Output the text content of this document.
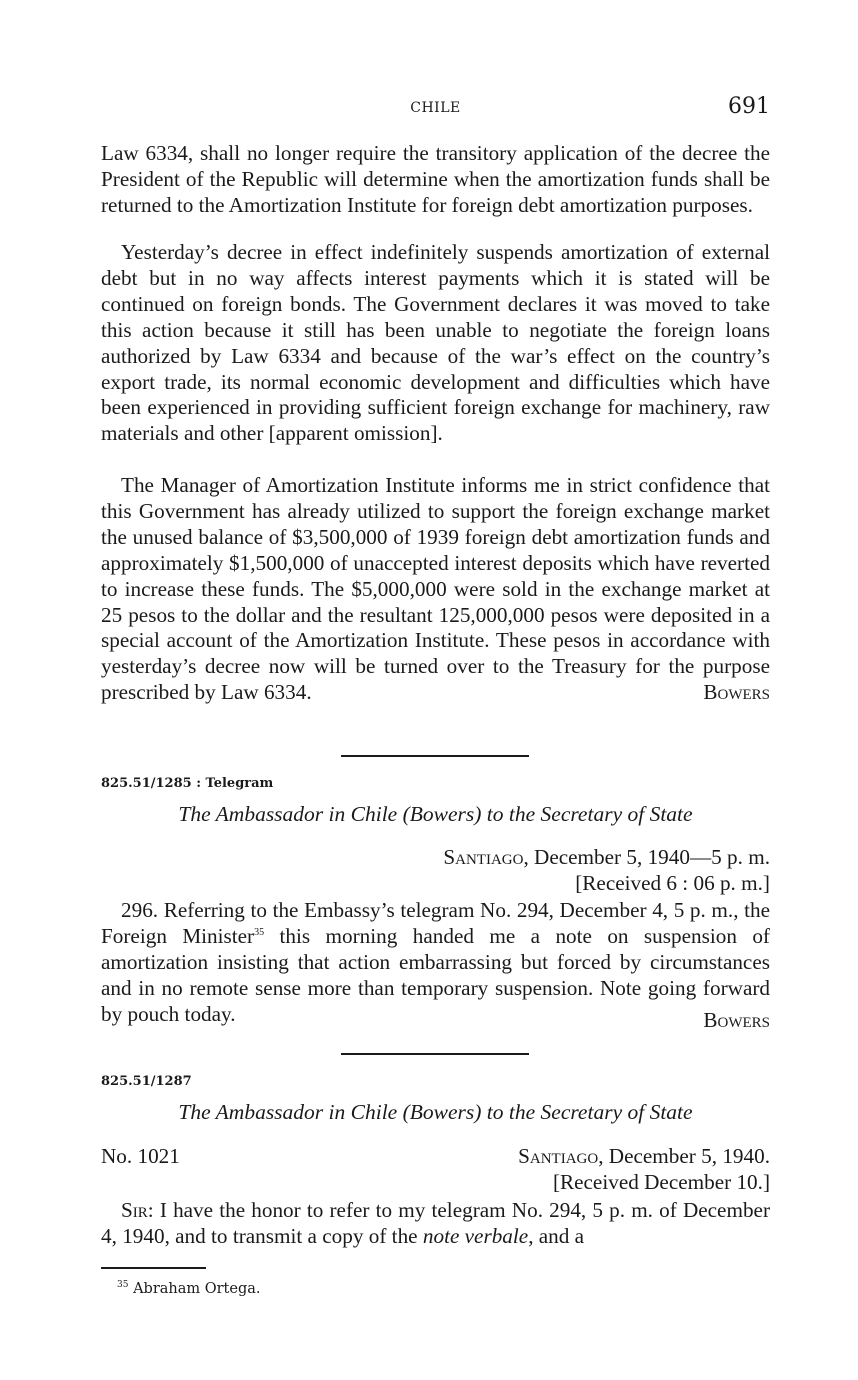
CHILE	691

Law 6334, shall no longer require the transitory application of the decree the President of the Republic will determine when the amortization funds shall be returned to the Amortization Institute for foreign debt amortization purposes.

Yesterday’s decree in effect indefinitely suspends amortization of external debt but in no way affects interest payments which it is stated will be continued on foreign bonds. The Government declares it was moved to take this action because it still has been unable to negotiate the foreign loans authorized by Law 6334 and because of the war’s effect on the country’s export trade, its normal economic development and difficulties which have been experienced in providing sufficient foreign exchange for machinery, raw materials and other [apparent omission].

The Manager of Amortization Institute informs me in strict confidence that this Government has already utilized to support the foreign exchange market the unused balance of $3,500,000 of 1939 foreign debt amortization funds and approximately $1,500,000 of unaccepted interest deposits which have reverted to increase these funds. The $5,000,000 were sold in the exchange market at 25 pesos to the dollar and the resultant 125,000,000 pesos were deposited in a special account of the Amortization Institute. These pesos in accordance with yesterday’s decree now will be turned over to the Treasury for the purpose prescribed by Law 6334.	Bowers
825.51/1285 : Telegram
The Ambassador in Chile (Bowers) to the Secretary of State
Santiago, December 5, 1940—5 p. m.
[Received 6 : 06 p. m.]
296. Referring to the Embassy’s telegram No. 294, December 4, 5 p. m., the Foreign Minister$^{35}$ this morning handed me a note on suspension of amortization insisting that action embarrassing but forced by circumstances and in no remote sense more than temporary suspension. Note going forward by pouch today.	Bowers
825.51/1287
The Ambassador in Chile (Bowers) to the Secretary of State
No. 1021	Santiago, December 5, 1940.
[Received December 10.]
Sir: I have the honor to refer to my telegram No. 294, 5 p. m. of December 4, 1940, and to transmit a copy of the note verbale, and a
$^{35}$ Abraham Ortega.
